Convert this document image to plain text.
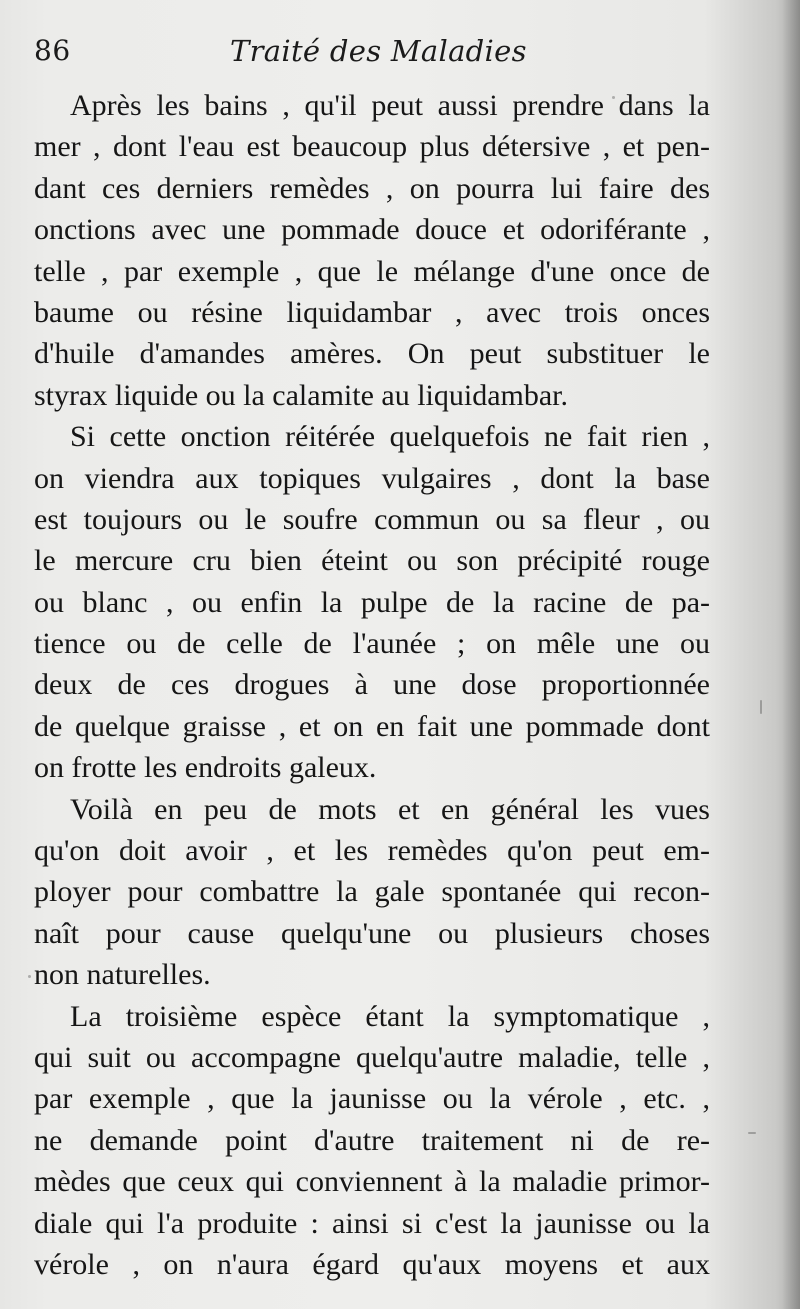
86	Traité des Maladies
Après les bains , qu'il peut aussi prendre dans la
mer , dont l'eau est beaucoup plus détersive , et pen-
dant ces derniers remèdes , on pourra lui faire des
onctions avec une pommade douce et odoriférante ,
telle , par exemple , que le mélange d'une once de
baume ou résine liquidambar , avec trois onces
d'huile d'amandes amères. On peut substituer le
styrax liquide ou la calamite au liquidambar.
Si cette onction réitérée quelquefois ne fait rien ,
on viendra aux topiques vulgaires , dont la base
est toujours ou le soufre commun ou sa fleur , ou
le mercure cru bien éteint ou son précipité rouge
ou blanc , ou enfin la pulpe de la racine de pa-
tience ou de celle de l'aunée ; on mêle une ou
deux de ces drogues à une dose proportionnée
de quelque graisse , et on en fait une pommade dont
on frotte les endroits galeux.
Voilà en peu de mots et en général les vues
qu'on doit avoir , et les remèdes qu'on peut em-
ployer pour combattre la gale spontanée qui recon-
naît pour cause quelqu'une ou plusieurs choses
non naturelles.
La troisième espèce étant la symptomatique ,
qui suit ou accompagne quelqu'autre maladie, telle ,
par exemple , que la jaunisse ou la vérole , etc. ,
ne demande point d'autre traitement ni de re-
mèdes que ceux qui conviennent à la maladie primor-
diale qui l'a produite : ainsi si c'est la jaunisse ou la
vérole , on n'aura égard qu'aux moyens et aux
